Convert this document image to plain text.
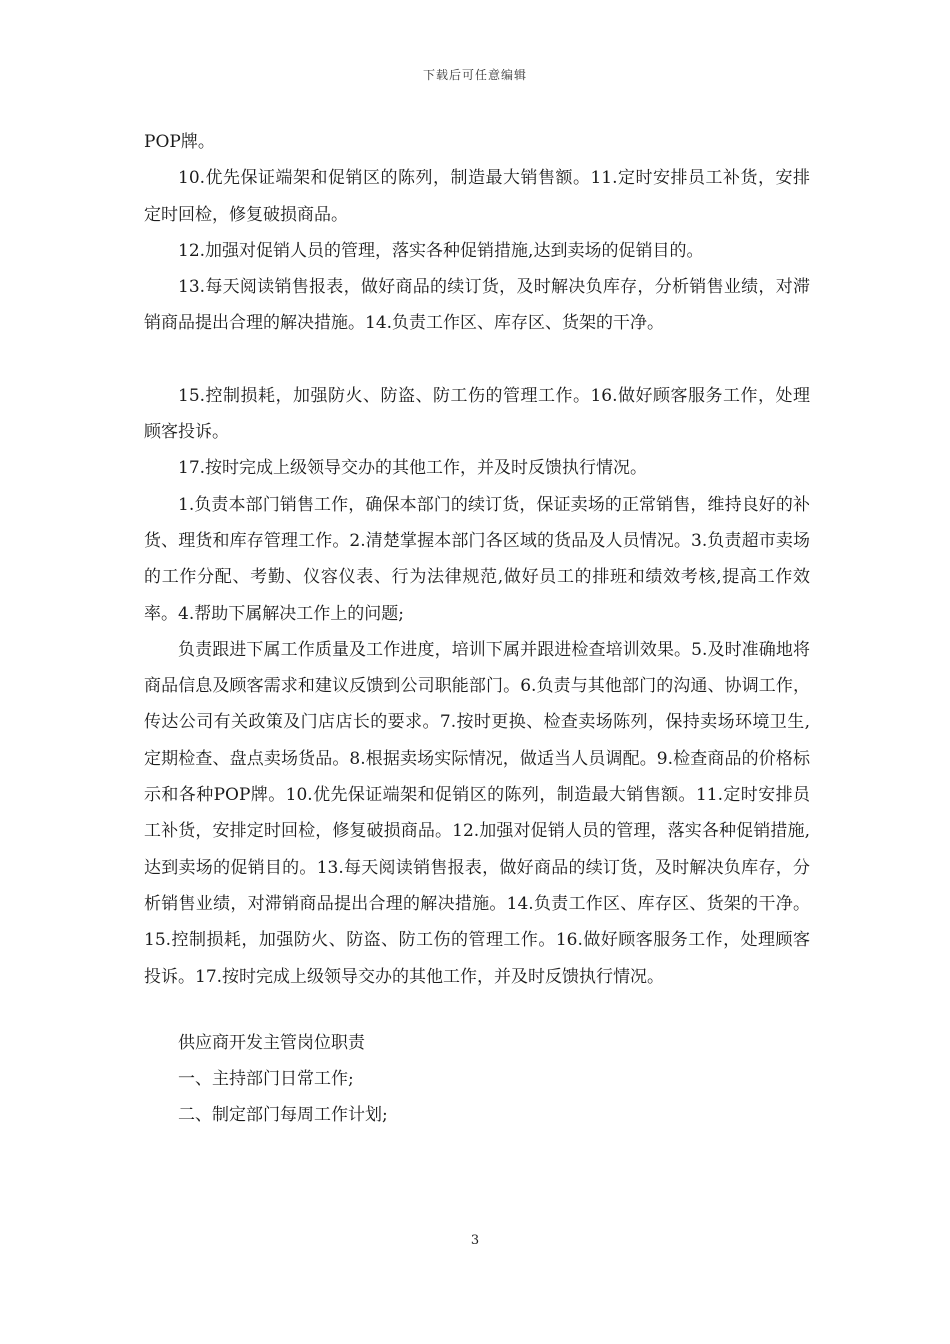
下载后可任意编辑

POP牌。

10.优先保证端架和促销区的陈列，制造最大销售额。11.定时安排员工补货，安排定时回检，修复破损商品。

12.加强对促销人员的管理，落实各种促销措施,达到卖场的促销目的。

13.每天阅读销售报表，做好商品的续订货，及时解决负库存，分析销售业绩，对滞销商品提出合理的解决措施。14.负责工作区、库存区、货架的干净。

15.控制损耗，加强防火、防盗、防工伤的管理工作。16.做好顾客服务工作，处理顾客投诉。

17.按时完成上级领导交办的其他工作，并及时反馈执行情况。

1.负责本部门销售工作，确保本部门的续订货，保证卖场的正常销售，维持良好的补货、理货和库存管理工作。2.清楚掌握本部门各区域的货品及人员情况。3.负责超市卖场的工作分配、考勤、仪容仪表、行为法律规范,做好员工的排班和绩效考核,提高工作效率。4.帮助下属解决工作上的问题;

负责跟进下属工作质量及工作进度，培训下属并跟进检查培训效果。5.及时准确地将商品信息及顾客需求和建议反馈到公司职能部门。6.负责与其他部门的沟通、协调工作，传达公司有关政策及门店店长的要求。7.按时更换、检查卖场陈列，保持卖场环境卫生,定期检查、盘点卖场货品。8.根据卖场实际情况，做适当人员调配。9.检查商品的价格标示和各种POP牌。10.优先保证端架和促销区的陈列，制造最大销售额。11.定时安排员工补货，安排定时回检，修复破损商品。12.加强对促销人员的管理，落实各种促销措施,达到卖场的促销目的。13.每天阅读销售报表，做好商品的续订货，及时解决负库存，分析销售业绩，对滞销商品提出合理的解决措施。14.负责工作区、库存区、货架的干净。15.控制损耗，加强防火、防盗、防工伤的管理工作。16.做好顾客服务工作，处理顾客投诉。17.按时完成上级领导交办的其他工作，并及时反馈执行情况。

供应商开发主管岗位职责

一、主持部门日常工作;

二、制定部门每周工作计划;

3
